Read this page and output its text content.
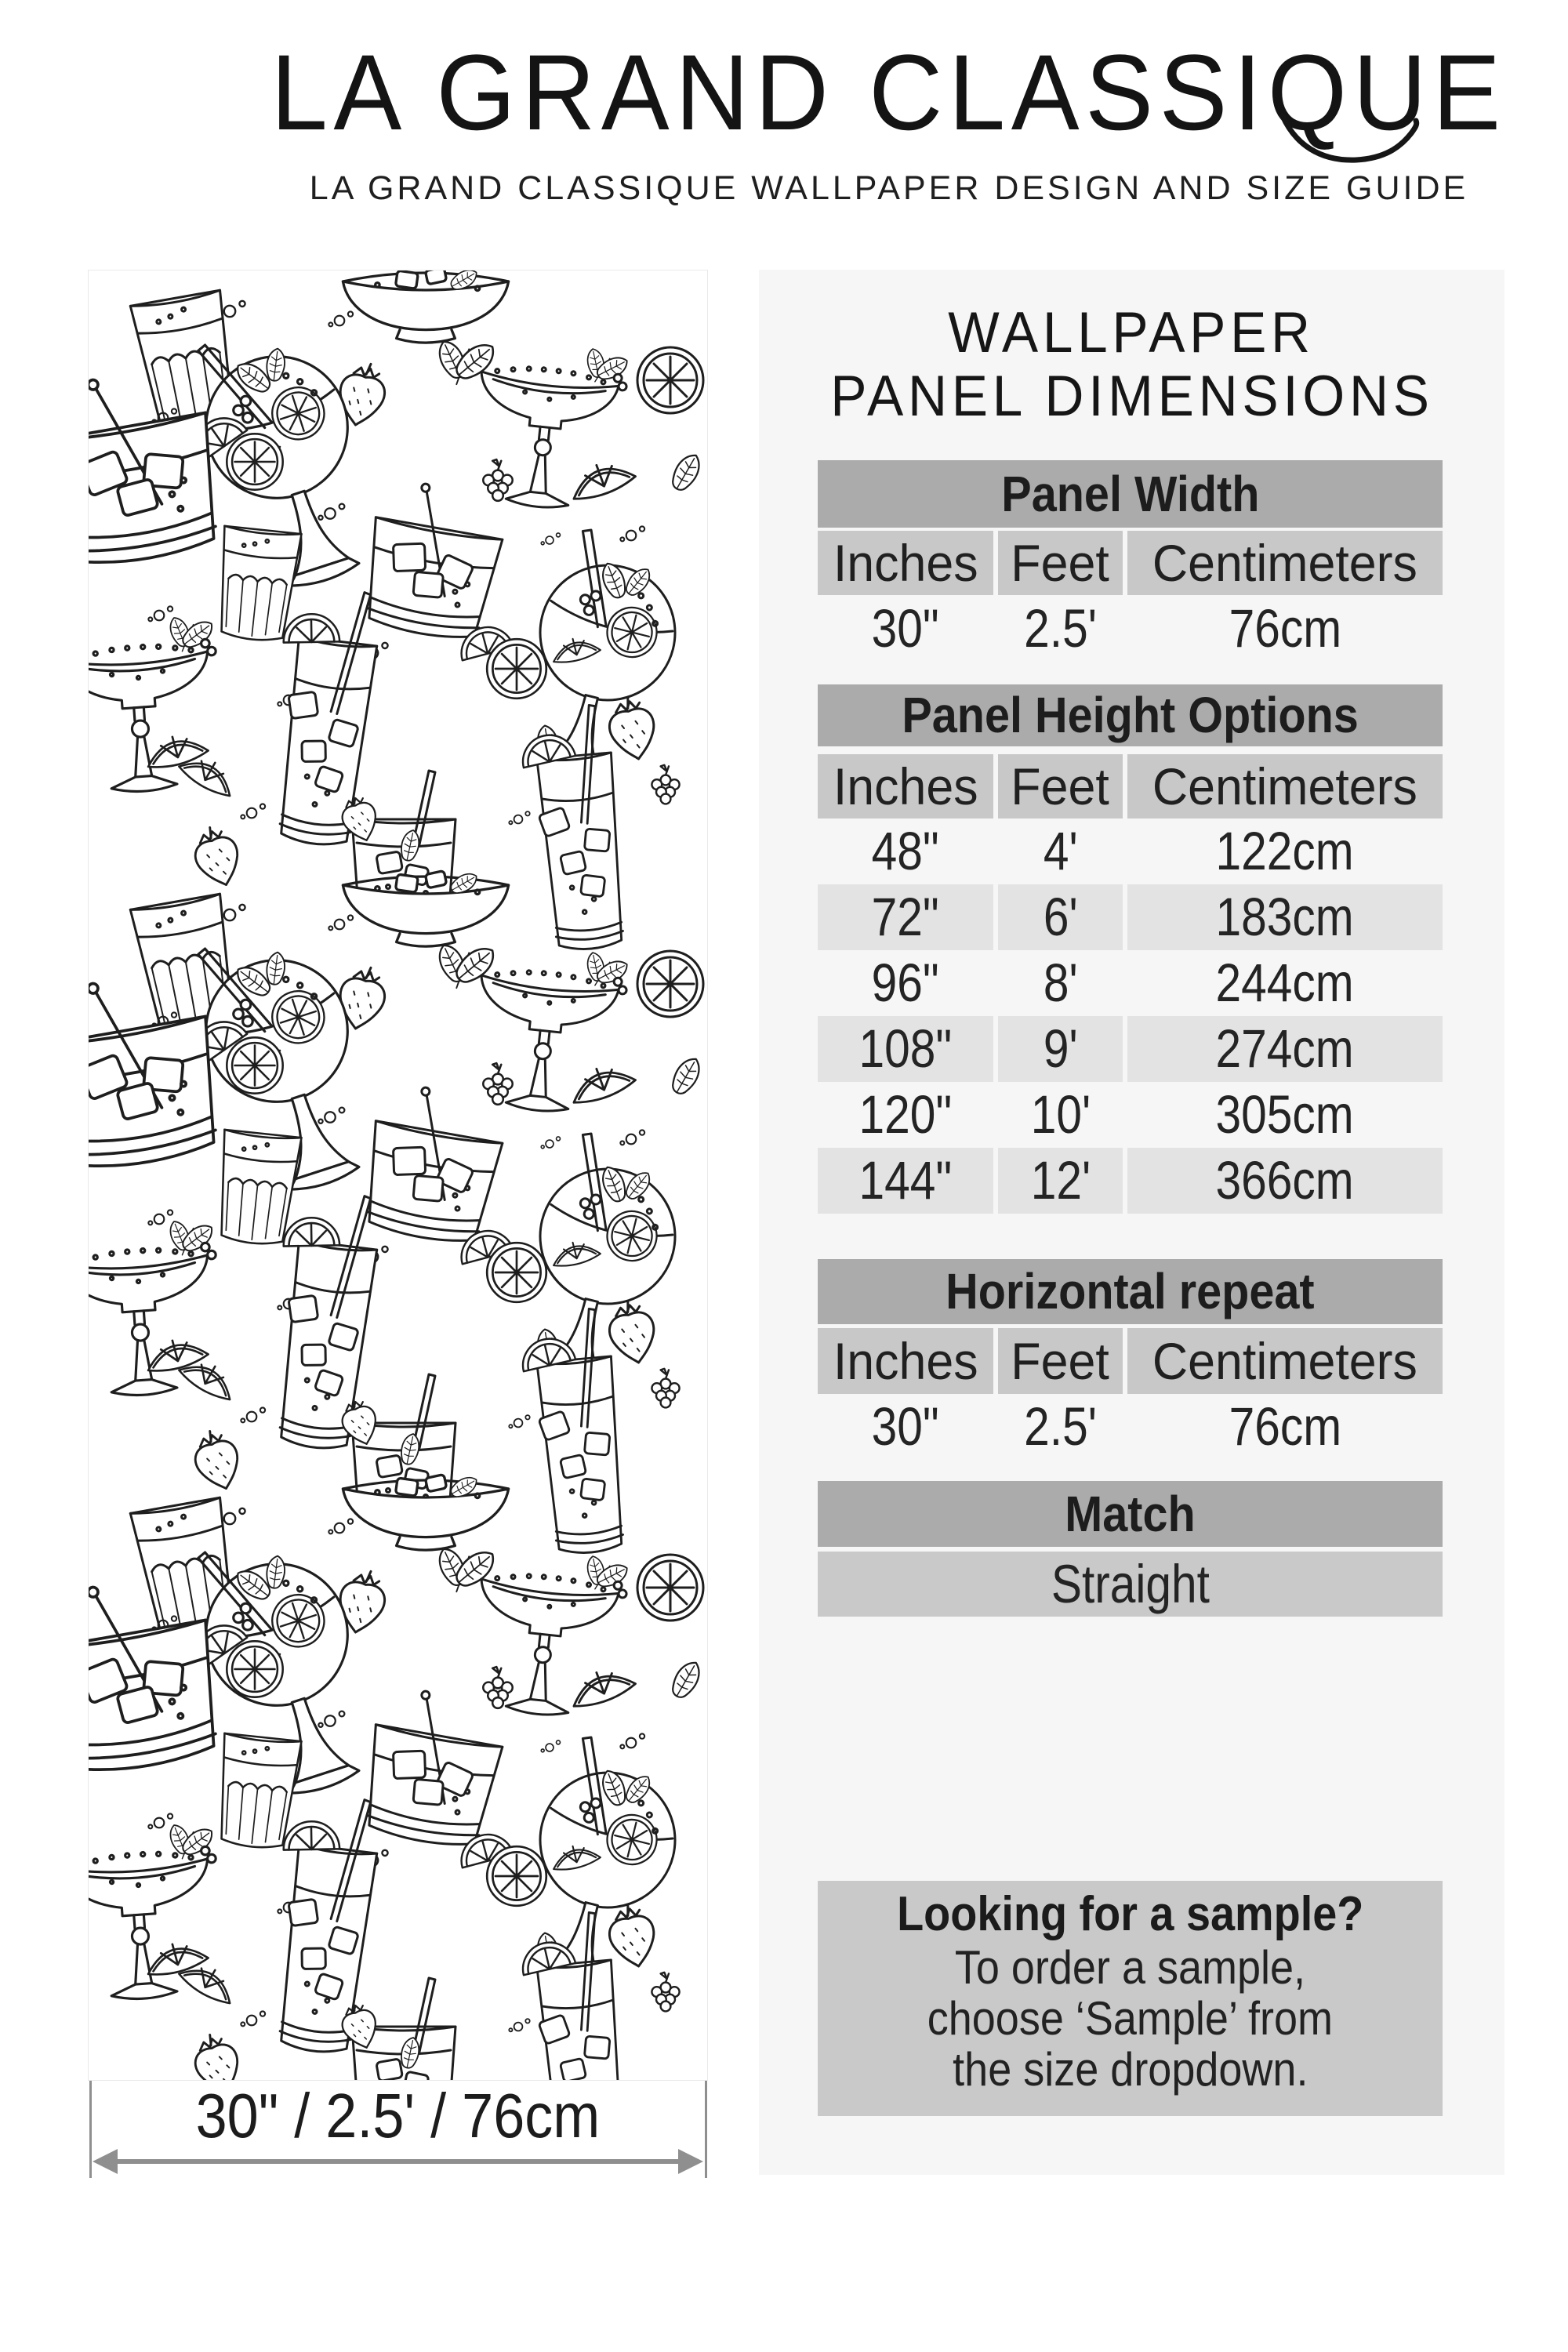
LA GRAND CLASSIQUE
LA GRAND CLASSIQUE WALLPAPER DESIGN AND SIZE GUIDE
30" / 2.5' / 76cm
WALLPAPER
PANEL DIMENSIONS
Panel Width
Inches Feet Centimeters
30"	2.5'	76cm
Panel Height Options
Inches Feet Centimeters
48"	4'	122cm
72"	6'	183cm
96"	8'	244cm
108"	9'	274cm
120"	10'	305cm
144"	12'	366cm
Horizontal repeat
Inches Feet Centimeters
30"	2.5'	76cm
Match
Straight
Looking for a sample?
To order a sample,
choose ‘Sample’ from
the size dropdown.
